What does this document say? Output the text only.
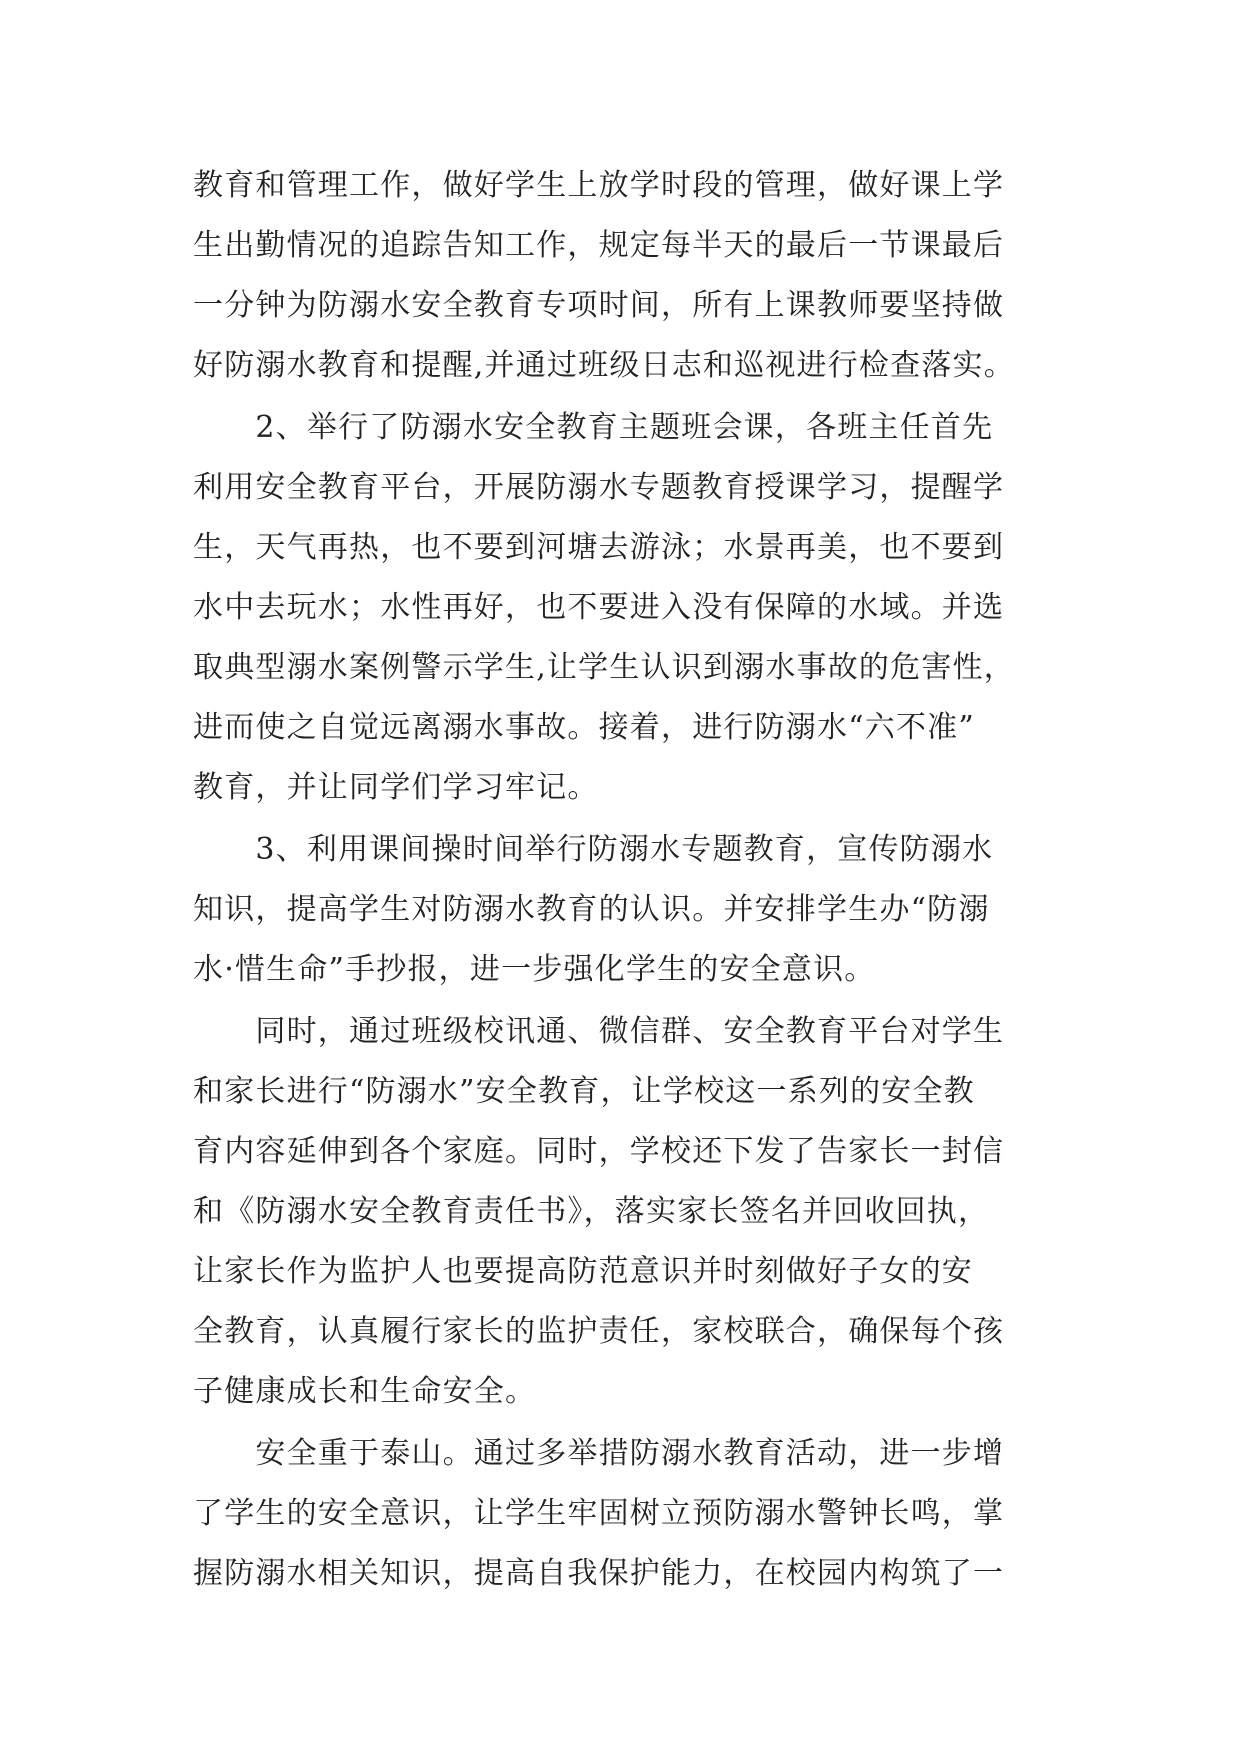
教育和管理工作，做好学生上放学时段的管理，做好课上学
生出勤情况的追踪告知工作，规定每半天的最后一节课最后
一分钟为防溺水安全教育专项时间，所有上课教师要坚持做
好防溺水教育和提醒,并通过班级日志和巡视进行检查落实。
　　2、举行了防溺水安全教育主题班会课，各班主任首先
利用安全教育平台，开展防溺水专题教育授课学习，提醒学
生，天气再热，也不要到河塘去游泳；水景再美，也不要到
水中去玩水；水性再好，也不要进入没有保障的水域。并选
取典型溺水案例警示学生,让学生认识到溺水事故的危害性，
进而使之自觉远离溺水事故。接着，进行防溺水“六不准”
教育，并让同学们学习牢记。
　　3、利用课间操时间举行防溺水专题教育，宣传防溺水
知识，提高学生对防溺水教育的认识。并安排学生办“防溺
水·惜生命”手抄报，进一步强化学生的安全意识。
　　同时，通过班级校讯通、微信群、安全教育平台对学生
和家长进行“防溺水”安全教育，让学校这一系列的安全教
育内容延伸到各个家庭。同时，学校还下发了告家长一封信
和《防溺水安全教育责任书》，落实家长签名并回收回执，
让家长作为监护人也要提高防范意识并时刻做好子女的安
全教育，认真履行家长的监护责任，家校联合，确保每个孩
子健康成长和生命安全。
　　安全重于泰山。通过多举措防溺水教育活动，进一步增
了学生的安全意识，让学生牢固树立预防溺水警钟长鸣，掌
握防溺水相关知识，提高自我保护能力，在校园内构筑了一
